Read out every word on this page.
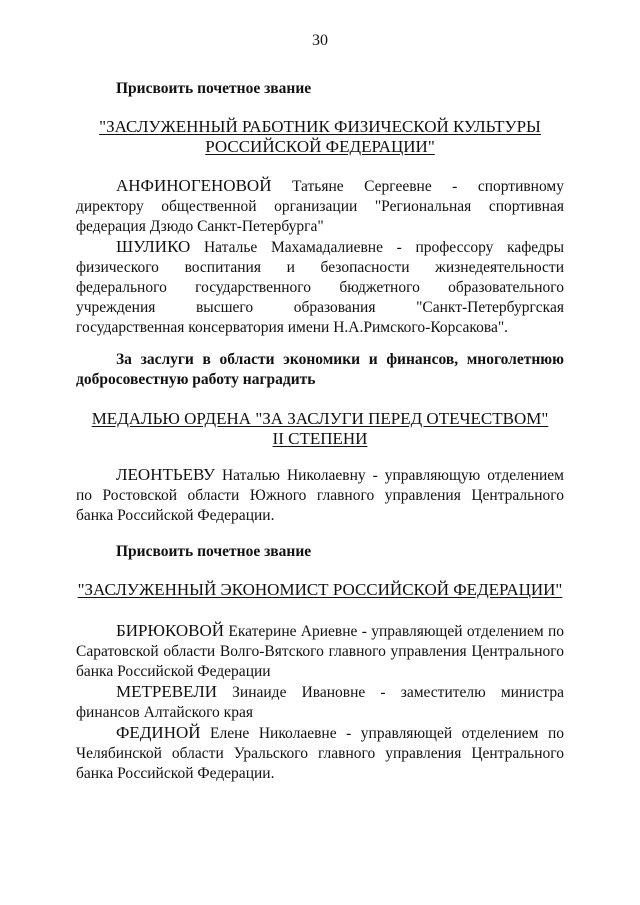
30
Присвоить почетное звание
"ЗАСЛУЖЕННЫЙ РАБОТНИК ФИЗИЧЕСКОЙ КУЛЬТУРЫ
РОССИЙСКОЙ ФЕДЕРАЦИИ"

АНФИНОГЕНОВОЙ Татьяне Сергеевне - спортивному директору общественной организации "Региональная спортивная федерация Дзюдо Санкт-Петербурга"

ШУЛИКО Наталье Махамадалиевне - профессору кафедры физического воспитания и безопасности жизнедеятельности федерального государственного бюджетного образовательного учреждения высшего образования "Санкт-Петербургская государственная консерватория имени Н.А.Римского-Корсакова".

За заслуги в области экономики и финансов, многолетнюю добросовестную работу наградить
МЕДАЛЬЮ ОРДЕНА "ЗА ЗАСЛУГИ ПЕРЕД ОТЕЧЕСТВОМ"
II СТЕПЕНИ

ЛЕОНТЬЕВУ Наталью Николаевну - управляющую отделением по Ростовской области Южного главного управления Центрального банка Российской Федерации.

Присвоить почетное звание
"ЗАСЛУЖЕННЫЙ ЭКОНОМИСТ РОССИЙСКОЙ ФЕДЕРАЦИИ"

БИРЮКОВОЙ Екатерине Ариевне - управляющей отделением по Саратовской области Волго-Вятского главного управления Центрального банка Российской Федерации

МЕТРЕВЕЛИ Зинаиде Ивановне - заместителю министра финансов Алтайского края

ФЕДИНОЙ Елене Николаевне - управляющей отделением по Челябинской области Уральского главного управления Центрального банка Российской Федерации.
